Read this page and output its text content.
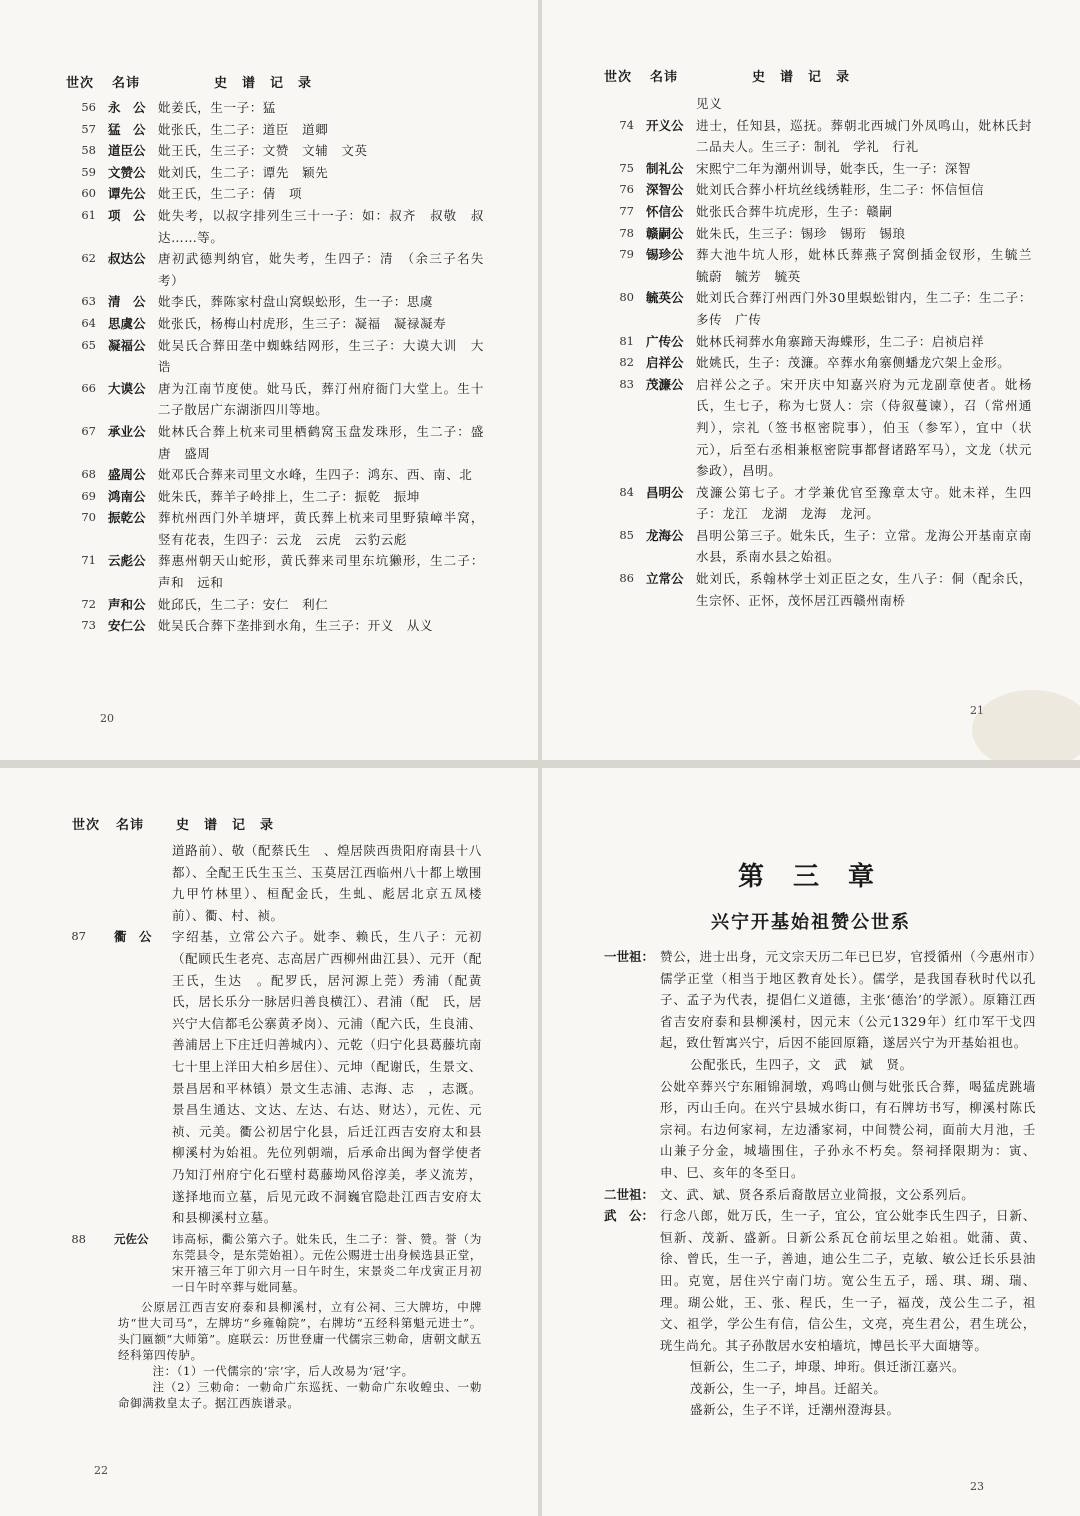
世次 名讳	史　谱　记　录
56 永　公 妣姜氏，生一子：猛
57 猛　公 妣张氏，生二子：道臣　道卿
58 道臣公 妣王氏，生三子：文赞　文辅　文英
59 文赞公 妣刘氏，生二子：谭先　颖先
60 谭先公 妣王氏，生二子：倩　项
61 项　公 妣失考，以叔字排列生三十一子：如：叔齐　叔敬　叔达……等。
62 叔达公 唐初武德判纳官，妣失考，生四子：清　（余三子名失考）
63 清　公 妣李氏，葬陈家村盘山窝蜈蚣形，生一子：思虞
64 思虞公 妣张氏，杨梅山村虎形，生三子：凝福　凝禄凝寿
65 凝福公 妣吴氏合葬田垄中蜘蛛结网形，生三子：大谟大训　大诰
66 大谟公 唐为江南节度使。妣马氏，葬汀州府衙门大堂上。生十二子散居广东湖浙四川等地。
67 承业公 妣林氏合葬上杭来司里栖鹤窝玉盘发珠形，生二子：盛唐　盛周
68 盛周公 妣邓氏合葬来司里文水峰，生四子：鸿东、西、南、北
69 鸿南公 妣朱氏，葬羊子岭排上，生二子：振乾　振坤
70 振乾公 葬杭州西门外羊塘坪，黄氏葬上杭来司里野猿嶂半窝，竖有花表，生四子：云龙　云虎　云豹云彪
71 云彪公 葬惠州朝天山蛇形，黄氏葬来司里东坑獭形，生二子：声和　远和
72 声和公 妣邱氏，生二子：安仁　利仁
73 安仁公 妣吴氏合葬下垄排到水角，生三子：开义　从义
20
世次 名讳	史　谱　记　录
见义
74 开义公 进士，任知县，巡抚。葬朝北西城门外凤鸣山，妣林氏封二品夫人。生三子：制礼　学礼　行礼
75 制礼公 宋熙宁二年为潮州训导，妣李氏，生一子：深智
76 深智公 妣刘氏合葬小杆坑丝线绣鞋形，生二子：怀信恒信
77 怀信公 妣张氏合葬牛坑虎形，生子：赣嗣
78 赣嗣公 妣朱氏，生三子：锡珍　锡珩　锡琅
79 锡珍公 葬大池牛坑人形，妣林氏葬燕子窝倒插金钗形，生毓兰　毓蔚　毓芳　毓英
80 毓英公 妣刘氏合葬汀州西门外30里蜈蚣钳内，生二子：生二子：多传　广传
81 广传公 妣林氏祠葬水角寨蹄天海蝶形，生二子：启祯启祥
82 启祥公 妣姚氏，生子：茂濂。卒葬水角寨侧蟠龙穴架上金形。
83 茂濂公 启祥公之子。宋开庆中知嘉兴府为元龙副章使者。妣杨氏，生七子，称为七贤人：宗（侍叙蔓谏），召（常州通判），宗礼（签书枢密院事），伯玉（参军），宜中（状元），后至右丞相兼枢密院事都督诸路军马），文龙（状元参政），昌明。
84 昌明公 茂濂公第七子。才学兼优官至豫章太守。妣未祥，生四子：龙江　龙湖　龙海　龙河。
85 龙海公 昌明公第三子。妣朱氏，生子：立常。龙海公开基南京南水县，系南水县之始祖。
86 立常公 妣刘氏，系翰林学士刘正臣之女，生八子：侗（配余氏，生宗怀、正怀，茂怀居江西赣州南桥
21
世次 名讳 史　谱　记　录
道路前）、敬（配蔡氏生　、煌居陕西贵阳府南县十八都）、全配王氏生玉兰、玉莫居江西临州八十都上墩围九甲竹林里）、桓配金氏，生虬、彪居北京五凤楼前）、衢、村、祯。
87	衢　公	字绍基，立常公六子。妣李、赖氏，生八子：元初（配顾氏生老亮、志高居广西柳州曲江县）、元开（配王氏，生达　。配罗氏，居河源上莞）秀浦（配黄氏，居长乐分一脉居归善良横江）、君浦（配　氏，居兴宁大信都毛公寨黄矛岗）、元浦（配六氏，生良浦、善浦居上下庄迁归善城内）、元乾（归宁化县葛藤坑南七十里上洋田大柏乡居住）、元坤（配谢氏，生景文、景昌居和平林镇）景文生志浦、志海、志　，志溉。景昌生通达、文达、左达、右达、财达），元佐、元祯、元美。衢公初居宁化县，后迁江西吉安府太和县柳溪村为始祖。先位列朝端，后承命出闽为督学使者乃知汀州府宁化石壁村葛藤坳风俗淳美，孝义流芳，遂择地而立墓，后见元政不洞巍官隐赴江西吉安府太和县柳溪村立墓。
88	元佐公	讳高标，衢公第六子。妣朱氏，生二子：誉、赞。誉（为东莞县令，是东莞始祖）。元佐公赐进士出身候选县正堂，宋开禧三年丁卯六月一日午时生，宋景炎二年戊寅正月初一日午时卒葬与妣同墓。
公原居江西吉安府泰和县柳溪村，立有公祠、三大牌坊，中牌坊“世大司马”，左牌坊“乡雍翰院”，右牌坊“五经科第魁元进士”。头门匾额“大师第”。庭联云：历世登庸一代儒宗三勅命，唐朝文献五经科第四传胪。
注：（1）一代儒宗的‘宗’字，后人改易为‘冠’字。
注（2）三勅命：一勅命广东巡抚、一勅命广东收蝗虫、一勅命御满救皇太子。据江西族谱录。
22
第 三 章
兴宁开基始祖赞公世系
一世祖： 赞公，进士出身，元文宗天历二年已巳岁，官授循州（今惠州市）儒学正堂（相当于地区教育处长）。儒学，是我国春秋时代以孔子、孟子为代表，提倡仁义道德，主张‘德治’的学派）。原籍江西省吉安府泰和县柳溪村，因元末（公元1329年）红巾军干戈四起，致仕暂寓兴宁，后因不能回原籍，遂居兴宁为开基始祖也。
公配张氏，生四子，文　武　斌　贤。
公妣卒葬兴宁东厢锦洞墩，鸡鸣山侧与妣张氏合葬，喝猛虎跳墙形，丙山壬向。在兴宁县城水街口，有石牌坊书写，柳溪村陈氏宗祠。右边何家祠，左边潘家祠，中间赞公祠，面前大月池，壬山兼子分金，城墙围住，子孙永不朽矣。祭祠择限期为：寅、申、巳、亥年的冬至日。
二世祖： 文、武、斌、贤各系后裔散居立业简报，文公系列后。
武　公： 行念八郎，妣万氏，生一子，宜公，宜公妣李氏生四子，日新、恒新、茂新、盛新。日新公系瓦仓前坛里之始祖。妣蒲、黄、徐、曾氏，生一子，善迪，迪公生二子，克敏、敏公迁长乐县油田。克宽，居住兴宁南门坊。宽公生五子，瑶、琪、瑚、瑞、理。瑚公妣，王、张、程氏，生一子，福茂，茂公生二子，祖文、祖学，学公生有信，信公生，文亮，亮生君公，君生珖公，珖生尚允。其子孙散居水安柏墙坑，博邑长平大面塘等。
恒新公，生二子，坤璟、坤珩。俱迁浙江嘉兴。
茂新公，生一子，坤昌。迁韶关。
盛新公，生子不详，迁潮州澄海县。
23
